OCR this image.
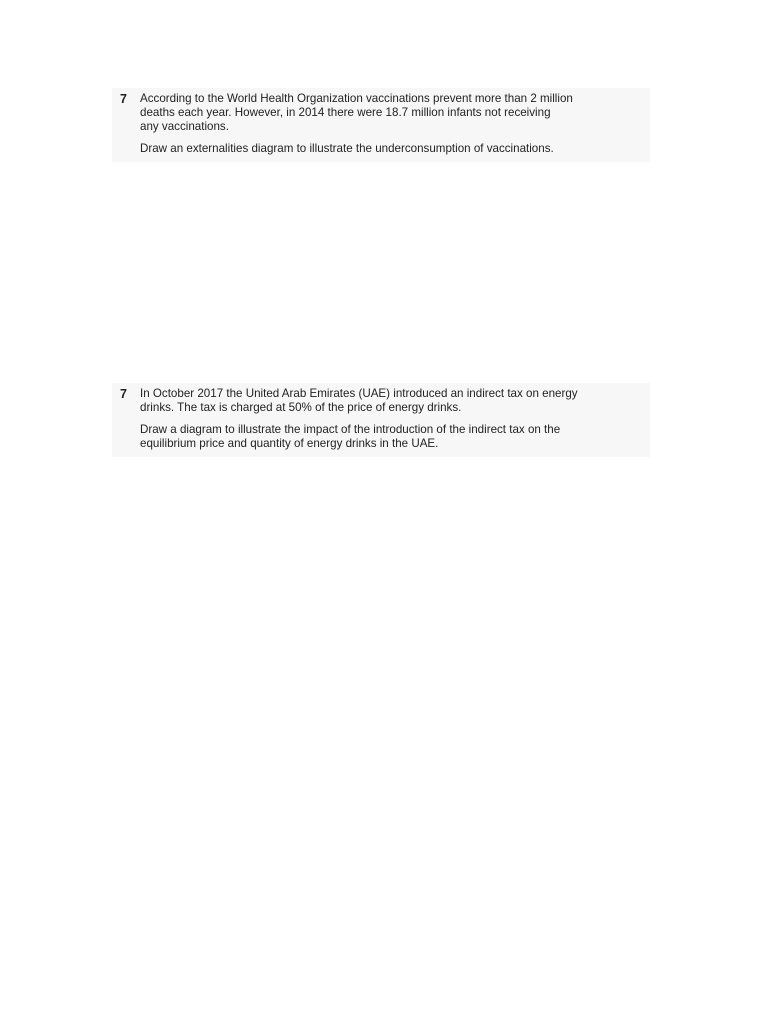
7	According to the World Health Organization vaccinations prevent more than 2 million

deaths each year. However, in 2014 there were 18.7 million infants not receiving

any vaccinations.

Draw an externalities diagram to illustrate the underconsumption of vaccinations.

7	In October 2017 the United Arab Emirates (UAE) introduced an indirect tax on energy

drinks. The tax is charged at 50% of the price of energy drinks.

Draw a diagram to illustrate the impact of the introduction of the indirect tax on the

equilibrium price and quantity of energy drinks in the UAE.
